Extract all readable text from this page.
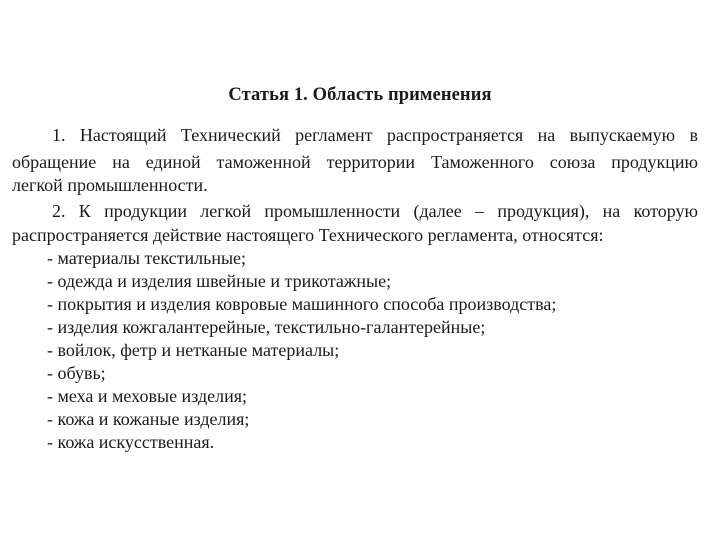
Статья 1. Область применения
1. Настоящий Технический регламент распространяется на выпускаемую в
обращение на единой таможенной территории Таможенного союза продукцию
легкой промышленности.
2. К продукции легкой промышленности (далее – продукция), на которую
распространяется действие настоящего Технического регламента, относятся:
- материалы текстильные;
- одежда и изделия швейные и трикотажные;
- покрытия и изделия ковровые машинного способа производства;
- изделия кожгалантерейные, текстильно-галантерейные;
- войлок, фетр и нетканые материалы;
- обувь;
- меха и меховые изделия;
- кожа и кожаные изделия;
- кожа искусственная.
